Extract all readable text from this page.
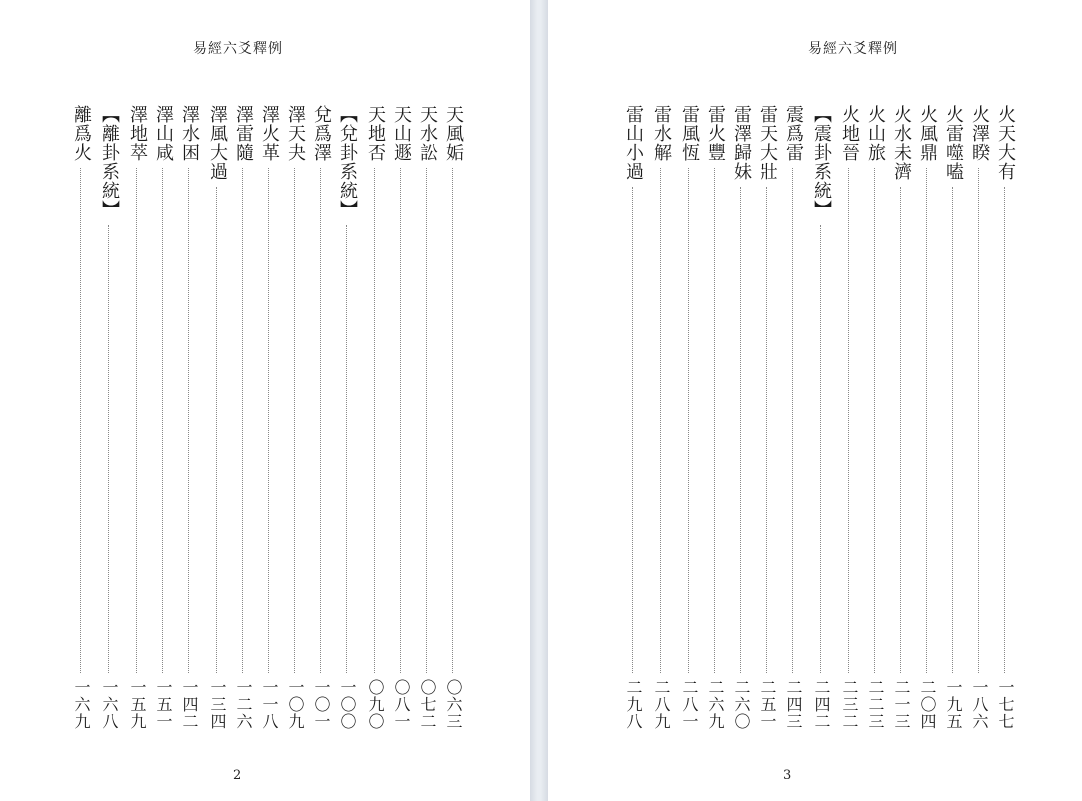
易經六爻釋例
天風姤
〇六三
天水訟
〇七二
天山遯
〇八一
天地否
〇九〇
【兌卦系統】
一〇〇
兌爲澤
一〇一
澤天夬
一〇九
澤火革
一一八
澤雷隨
一二六
澤風大過
一三四
澤水困
一四二
澤山咸
一五一
澤地萃
一五九
【離卦系統】
一六八
離爲火
一六九
2
易經六爻釋例
火天大有
一七七
火澤睽
一八六
火雷噬嗑
一九五
火風鼎
二〇四
火水未濟
二一三
火山旅
二二三
火地晉
二三二
【震卦系統】
二四二
震爲雷
二四三
雷天大壯
二五一
雷澤歸妹
二六〇
雷火豐
二六九
雷風恆
二八一
雷水解
二八九
雷山小過
二九八
3
